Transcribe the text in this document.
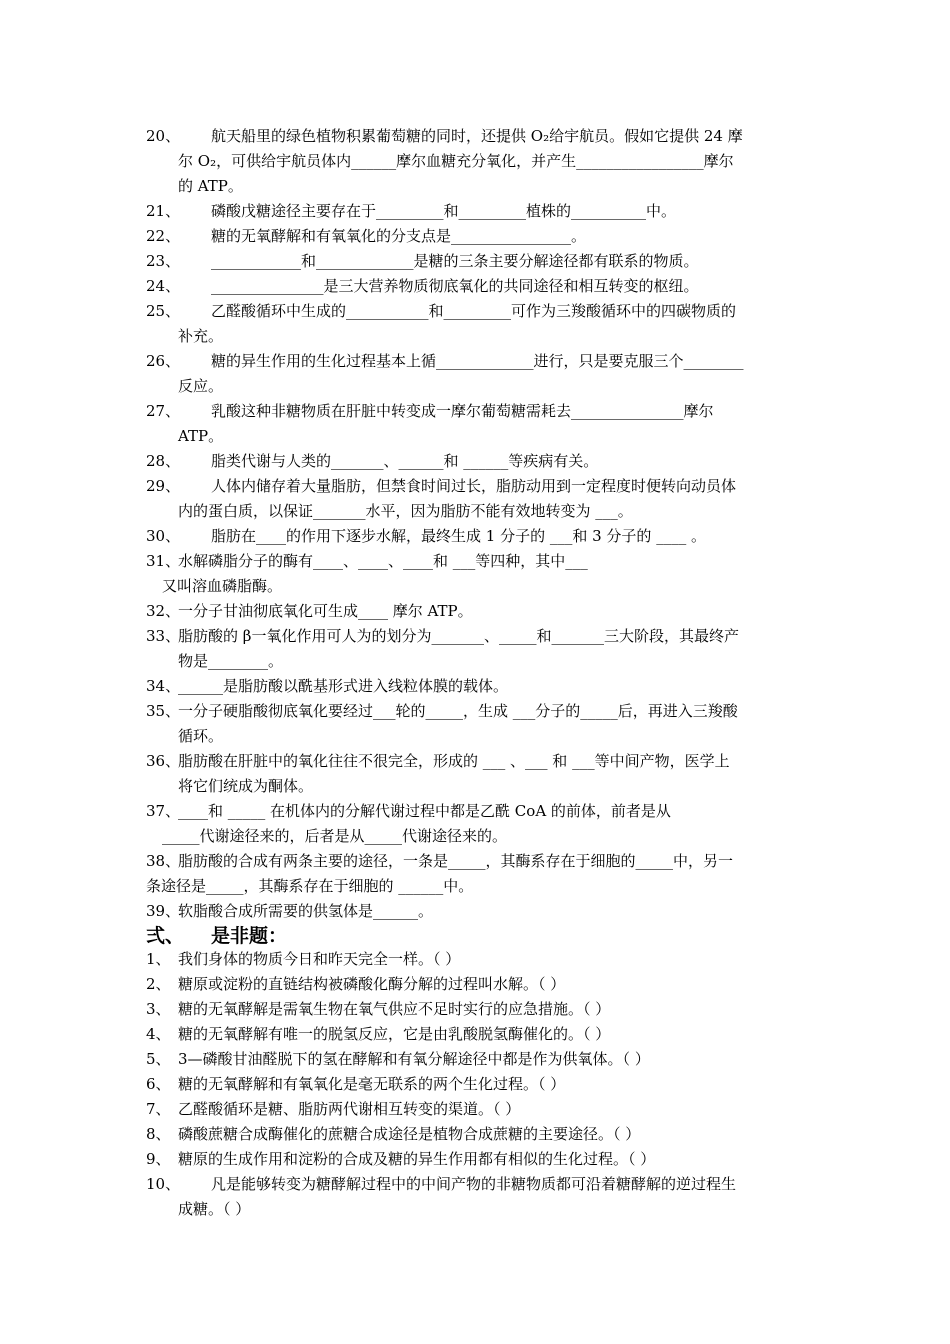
20、 航天船里的绿色植物积累葡萄糖的同时，还提供 O₂给宇航员。假如它提供 24 摩
尔 O₂，可供给宇航员体内______摩尔血糖充分氧化，并产生_________________摩尔
的 ATP。
21、 磷酸戊糖途径主要存在于_________和_________植株的__________中。
22、 糖的无氧酵解和有氧氧化的分支点是________________。
23、 ____________和_____________是糖的三条主要分解途径都有联系的物质。
24、 _______________是三大营养物质彻底氧化的共同途径和相互转变的枢纽。
25、 乙醛酸循环中生成的___________和_________可作为三羧酸循环中的四碳物质的
补充。
26、 糖的异生作用的生化过程基本上循_____________进行，只是要克服三个________
反应。
27、 乳酸这种非糖物质在肝脏中转变成一摩尔葡萄糖需耗去_______________摩尔
ATP。
28、 脂类代谢与人类的_______、______和 ______等疾病有关。
29、 人体内储存着大量脂肪，但禁食时间过长，脂肪动用到一定程度时便转向动员体
内的蛋白质，以保证_______水平，因为脂肪不能有效地转变为 ___。
30、 脂肪在____的作用下逐步水解，最终生成 1 分子的 ___和 3 分子的 ____ 。
31、
水解磷脂分子的酶有____、____、____和 ___等四种，其中___
又叫溶血磷脂酶。
32、
一分子甘油彻底氧化可生成____ 摩尔 ATP。
33、
脂肪酸的 β一氧化作用可人为的划分为_______、_____和_______三大阶段，其最终产
物是________。
34、
______是脂肪酸以酰基形式进入线粒体膜的载体。
35、
一分子硬脂酸彻底氧化要经过___轮的_____，生成 ___分子的_____后，再进入三羧酸
循环。
36、
脂肪酸在肝脏中的氧化往往不很完全，形成的 ___ 、___ 和 ___等中间产物，医学上
将它们统成为酮体。
37、
____和 _____ 在机体内的分解代谢过程中都是乙酰 CoA 的前体，前者是从
_____代谢途径来的，后者是从_____代谢途径来的。
38、
脂肪酸的合成有两条主要的途径，一条是_____，其酶系存在于细胞的_____中，另一
条途径是_____，其酶系存在于细胞的 ______中。
39、
软脂酸合成所需要的供氢体是______。
弍、 是非题：
1、 我们身体的物质今日和昨天完全一样。（ ）
2、 糖原或淀粉的直链结构被磷酸化酶分解的过程叫水解。（ ）
3、 糖的无氧酵解是需氧生物在氧气供应不足时实行的应急措施。（ ）
4、 糖的无氧酵解有唯一的脱氢反应，它是由乳酸脱氢酶催化的。（ ）
5、 3—磷酸甘油醛脱下的氢在酵解和有氧分解途径中都是作为供氧体。（ ）
6、 糖的无氧酵解和有氧氧化是毫无联系的两个生化过程。（ ）
7、 乙醛酸循环是糖、脂肪两代谢相互转变的渠道。（ ）
8、 磷酸蔗糖合成酶催化的蔗糖合成途径是植物合成蔗糖的主要途径。（ ）
9、 糖原的生成作用和淀粉的合成及糖的异生作用都有相似的生化过程。（ ）
10、 凡是能够转变为糖酵解过程中的中间产物的非糖物质都可沿着糖酵解的逆过程生
成糖。（ ）
